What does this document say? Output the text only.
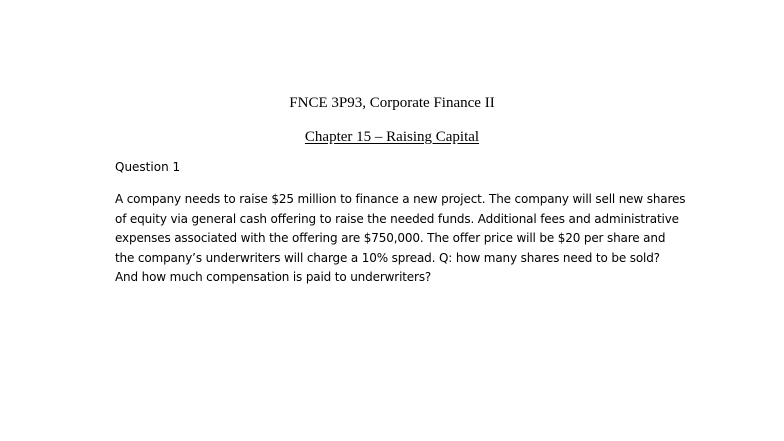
FNCE 3P93, Corporate Finance II
Chapter 15 – Raising Capital
Question 1
A company needs to raise $25 million to finance a new project. The company will sell new shares
of equity via general cash offering to raise the needed funds. Additional fees and administrative
expenses associated with the offering are $750,000. The offer price will be $20 per share and
the company’s underwriters will charge a 10% spread. Q: how many shares need to be sold?
And how much compensation is paid to underwriters?
